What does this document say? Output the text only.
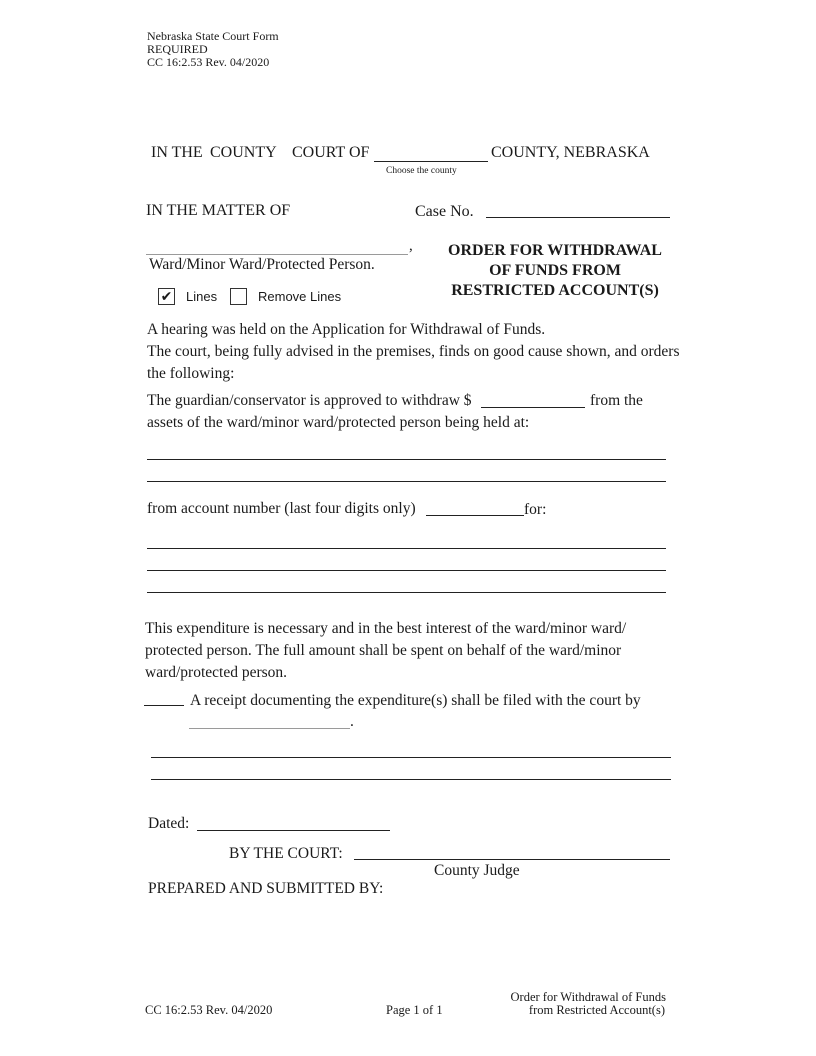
Nebraska State Court Form
REQUIRED
CC 16:2.53 Rev. 04/2020
IN THE COUNTY COURT OF	COUNTY, NEBRASKA
Choose the county
IN THE MATTER OF	Case No.
,
Ward/Minor Ward/Protected Person.
ORDER FOR WITHDRAWAL
OF FUNDS FROM
RESTRICTED ACCOUNT(S)
✔ Lines	Remove Lines
A hearing was held on the Application for Withdrawal of Funds.
The court, being fully advised in the premises, finds on good cause shown, and orders
the following:
The guardian/conservator is approved to withdraw $	from the
assets of the ward/minor ward/protected person being held at:
from account number (last four digits only)	for:
This expenditure is necessary and in the best interest of the ward/minor ward/
protected person. The full amount shall be spent on behalf of the ward/minor
ward/protected person.
A receipt documenting the expenditure(s) shall be filed with the court by
.
Dated:
BY THE COURT:
County Judge
PREPARED AND SUBMITTED BY:
CC 16:2.53 Rev. 04/2020	Page 1 of 1
Order for Withdrawal of Funds
from Restricted Account(s)
